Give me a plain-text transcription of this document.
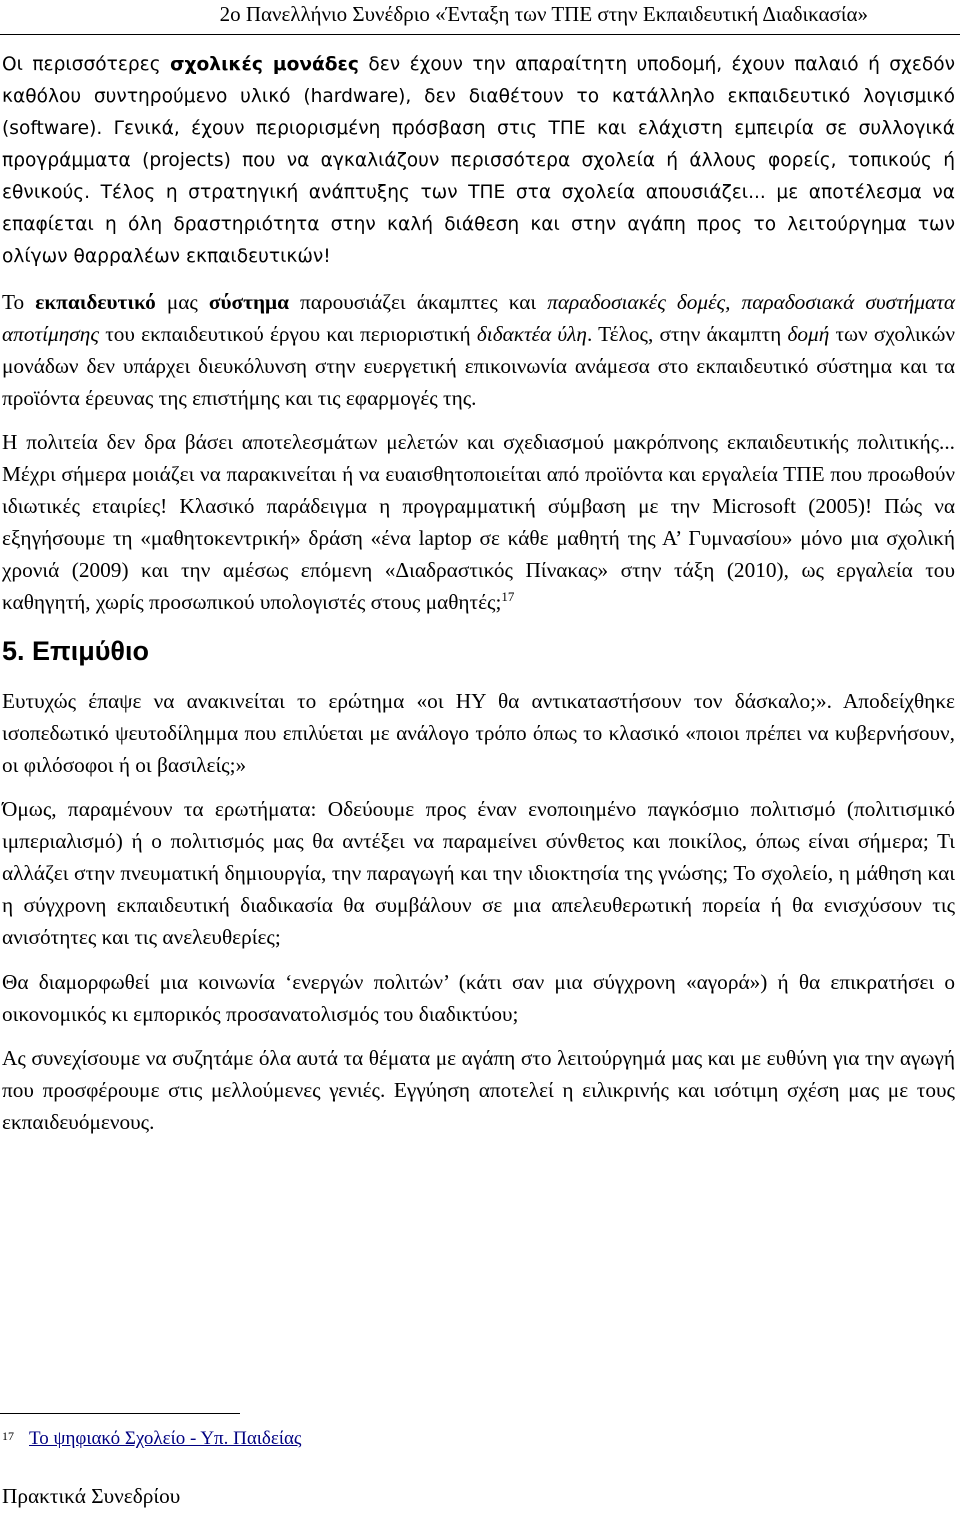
2ο Πανελλήνιο Συνέδριο «Ένταξη των ΤΠΕ στην Εκπαιδευτική Διαδικασία»

Οι περισσότερες σχολικές μονάδες δεν έχουν την απαραίτητη υποδομή, έχουν παλαιό ή σχεδόν καθόλου συντηρούμενο υλικό (hardware), δεν διαθέτουν το κατάλληλο εκπαιδευτικό λογισμικό (software). Γενικά, έχουν περιορισμένη πρόσβαση στις ΤΠΕ και ελάχιστη εμπειρία σε συλλογικά προγράμματα (projects) που να αγκαλιάζουν περισσότερα σχολεία ή άλλους φορείς, τοπικούς ή εθνικούς. Τέλος η στρατηγική ανάπτυξης των ΤΠΕ στα σχολεία απουσιάζει... με αποτέλεσμα να επαφίεται η όλη δραστηριότητα στην καλή διάθεση και στην αγάπη προς το λειτούργημα των ολίγων θαρραλέων εκπαιδευτικών!

Το εκπαιδευτικό μας σύστημα παρουσιάζει άκαμπτες και παραδοσιακές δομές, παραδοσιακά συστήματα αποτίμησης του εκπαιδευτικού έργου και περιοριστική διδακτέα ύλη. Τέλος, στην άκαμπτη δομή των σχολικών μονάδων δεν υπάρχει διευκόλυνση στην ευεργετική επικοινωνία ανάμεσα στο εκπαιδευτικό σύστημα και τα προϊόντα έρευνας της επιστήμης και τις εφαρμογές της.

Η πολιτεία δεν δρα βάσει αποτελεσμάτων μελετών και σχεδιασμού μακρόπνοης εκπαιδευτικής πολιτικής... Μέχρι σήμερα μοιάζει να παρακινείται ή να ευαισθητοποιείται από προϊόντα και εργαλεία ΤΠΕ που προωθούν ιδιωτικές εταιρίες! Κλασικό παράδειγμα η προγραμματική σύμβαση με την Microsoft (2005)! Πώς να εξηγήσουμε τη «μαθητοκεντρική» δράση «ένα laptop σε κάθε μαθητή της Α’ Γυμνασίου» μόνο μια σχολική χρονιά (2009) και την αμέσως επόμενη «Διαδραστικός Πίνακας» στην τάξη (2010), ως εργαλεία του καθηγητή, χωρίς προσωπικού υπολογιστές στους μαθητές;$^{17}$

5. Επιμύθιο

Ευτυχώς έπαψε να ανακινείται το ερώτημα «οι ΗΥ θα αντικαταστήσουν τον δάσκαλο;». Αποδείχθηκε ισοπεδωτικό ψευτοδίλημμα που επιλύεται με ανάλογο τρόπο όπως το κλασικό «ποιοι πρέπει να κυβερνήσουν, οι φιλόσοφοι ή οι βασιλείς;»

Όμως, παραμένουν τα ερωτήματα: Οδεύουμε προς έναν ενοποιημένο παγκόσμιο πολιτισμό (πολιτισμικό ιμπεριαλισμό) ή ο πολιτισμός μας θα αντέξει να παραμείνει σύνθετος και ποικίλος, όπως είναι σήμερα; Τι αλλάζει στην πνευματική δημιουργία, την παραγωγή και την ιδιοκτησία της γνώσης; Το σχολείο, η μάθηση και η σύγχρονη εκπαιδευτική διαδικασία θα συμβάλουν σε μια απελευθερωτική πορεία ή θα ενισχύσουν τις ανισότητες και τις ανελευθερίες;

Θα διαμορφωθεί μια κοινωνία ‘ενεργών πολιτών’ (κάτι σαν μια σύγχρονη «αγορά») ή θα επικρατήσει ο οικονομικός κι εμπορικός προσανατολισμός του διαδικτύου;

Ας συνεχίσουμε να συζητάμε όλα αυτά τα θέματα με αγάπη στο λειτούργημά μας και με ευθύνη για την αγωγή που προσφέρουμε στις μελλούμενες γενιές. Εγγύηση αποτελεί η ειλικρινής και ισότιμη σχέση μας με τους εκπαιδευόμενους.

$^{17}$ Το ψηφιακό Σχολείο - Υπ. Παιδείας
Πρακτικά Συνεδρίου
